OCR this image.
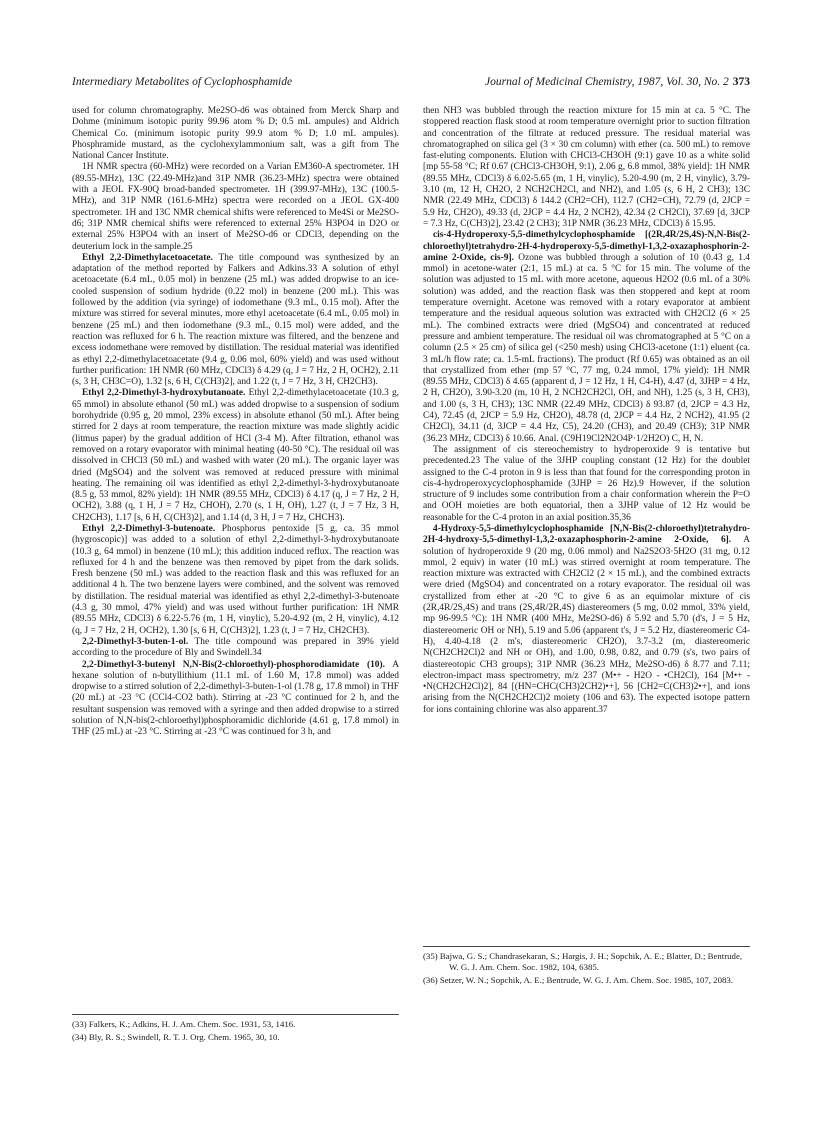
Intermediary Metabolites of Cyclophosphamide	Journal of Medicinal Chemistry, 1987, Vol. 30, No. 2 373

used for column chromatography. Me2SO-d6 was obtained from Merck Sharp and Dohme (minimum isotopic purity 99.96 atom % D; 0.5 mL ampules) and Aldrich Chemical Co. (minimum isotopic purity 99.9 atom % D; 1.0 mL ampules). Phosphramide mustard, as the cyclohexylammonium salt, was a gift from The National Cancer Institute.

1H NMR spectra (60-MHz) were recorded on a Varian EM360-A spectrometer. 1H (89.55-MHz), 13C (22.49-MHz)and 31P NMR (36.23-MHz) spectra were obtained with a JEOL FX-90Q broad-banded spectrometer. 1H (399.97-MHz), 13C (100.5-MHz), and 31P NMR (161.6-MHz) spectra were recorded on a JEOL GX-400 spectrometer. 1H and 13C NMR chemical shifts were referenced to Me4Si or Me2SO-d6; 31P NMR chemical shifts were referenced to external 25% H3PO4 in D2O or external 25% H3PO4 with an insert of Me2SO-d6 or CDCl3, depending on the deuterium lock in the sample.25

Ethyl 2,2-Dimethylacetoacetate. The title compound was synthesized by an adaptation of the method reported by Falkers and Adkins.33 A solution of ethyl acetoacetate (6.4 mL, 0.05 mol) in benzene (25 mL) was added dropwise to an ice-cooled suspension of sodium hydride (0.22 mol) in benzene (200 mL). This was followed by the addition (via syringe) of iodomethane (9.3 mL, 0.15 mol). After the mixture was stirred for several minutes, more ethyl acetoacetate (6.4 mL, 0.05 mol) in benzene (25 mL) and then iodomethane (9.3 mL, 0.15 mol) were added, and the reaction was refluxed for 6 h. The reaction mixture was filtered, and the benzene and excess iodomethane were removed by distillation. The residual material was identified as ethyl 2,2-dimethylacetoacetate (9.4 g, 0.06 mol, 60% yield) and was used without further purification: 1H NMR (60 MHz, CDCl3) δ 4.29 (q, J = 7 Hz, 2 H, OCH2), 2.11 (s, 3 H, CH3C=O), 1.32 [s, 6 H, C(CH3)2], and 1.22 (t, J = 7 Hz, 3 H, CH2CH3).

Ethyl 2,2-Dimethyl-3-hydroxybutanoate. Ethyl 2,2-dimethylacetoacetate (10.3 g, 65 mmol) in absolute ethanol (50 mL) was added dropwise to a suspension of sodium borohydride (0.95 g, 20 mmol, 23% excess) in absolute ethanol (50 mL). After being stirred for 2 days at room temperature, the reaction mixture was made slightly acidic (litmus paper) by the gradual addition of HCl (3-4 M). After filtration, ethanol was removed on a rotary evaporator with minimal heating (40-50 °C). The residual oil was dissolved in CHCl3 (50 mL) and washed with water (20 mL). The organic layer was dried (MgSO4) and the solvent was removed at reduced pressure with minimal heating. The remaining oil was identified as ethyl 2,2-dimethyl-3-hydroxybutanoate (8.5 g, 53 mmol, 82% yield): 1H NMR (89.55 MHz, CDCl3) δ 4.17 (q, J = 7 Hz, 2 H, OCH2), 3.88 (q, 1 H, J = 7 Hz, CHOH), 2.70 (s, 1 H, OH), 1.27 (t, J = 7 Hz, 3 H, CH2CH3), 1.17 [s, 6 H, C(CH3)2], and 1.14 (d, 3 H, J = 7 Hz, CHCH3).

Ethyl 2,2-Dimethyl-3-butenoate. Phosphorus pentoxide [5 g, ca. 35 mmol (hygroscopic)] was added to a solution of ethyl 2,2-dimethyl-3-hydroxybutanoate (10.3 g, 64 mmol) in benzene (10 mL); this addition induced reflux. The reaction was refluxed for 4 h and the benzene was then removed by pipet from the dark solids. Fresh benzene (50 mL) was added to the reaction flask and this was refluxed for an additional 4 h. The two benzene layers were combined, and the solvent was removed by distillation. The residual material was identified as ethyl 2,2-dimethyl-3-butenoate (4.3 g, 30 mmol, 47% yield) and was used without further purification: 1H NMR (89.55 MHz, CDCl3) δ 6.22-5.76 (m, 1 H, vinylic), 5.20-4.92 (m, 2 H, vinylic), 4.12 (q, J = 7 Hz, 2 H, OCH2), 1.30 [s, 6 H, C(CH3)2], 1.23 (t, J = 7 Hz, CH2CH3).

2,2-Dimethyl-3-buten-1-ol. The title compound was prepared in 39% yield according to the procedure of Bly and Swindell.34

2,2-Dimethyl-3-butenyl N,N-Bis(2-chloroethyl)-phosphorodiamidate (10). A hexane solution of n-butyllithium (11.1 mL of 1.60 M, 17.8 mmol) was added dropwise to a stirred solution of 2,2-dimethyl-3-buten-1-ol (1.78 g, 17.8 mmol) in THF (20 mL) at -23 °C (CCl4-CO2 bath). Stirring at -23 °C continued for 2 h, and the resultant suspension was removed with a syringe and then added dropwise to a stirred solution of N,N-bis(2-chloroethyl)phosphoramidic dichloride (4.61 g, 17.8 mmol) in THF (25 mL) at -23 °C. Stirring at -23 °C was continued for 3 h, and

then NH3 was bubbled through the reaction mixture for 15 min at ca. 5 °C. The stoppered reaction flask stood at room temperature overnight prior to suction filtration and concentration of the filtrate at reduced pressure. The residual material was chromatographed on silica gel (3 × 30 cm column) with ether (ca. 500 mL) to remove fast-eluting components. Elution with CHCl3-CH3OH (9:1) gave 10 as a white solid [mp 55-58 °C; Rf 0.67 (CHCl3-CH3OH, 9:1), 2.06 g, 6.8 mmol, 38% yield]: 1H NMR (89.55 MHz, CDCl3) δ 6.02-5.65 (m, 1 H, vinylic), 5.20-4.90 (m, 2 H, vinylic), 3.79-3.10 (m, 12 H, CH2O, 2 NCH2CH2Cl, and NH2), and 1.05 (s, 6 H, 2 CH3); 13C NMR (22.49 MHz, CDCl3) δ 144.2 (CH2=CH), 112.7 (CH2=CH), 72.79 (d, 2JCP = 5.9 Hz, CH2O), 49.33 (d, 2JCP = 4.4 Hz, 2 NCH2), 42.34 (2 CH2Cl), 37.69 [d, 3JCP = 7.3 Hz, C(CH3)2], 23.42 (2 CH3); 31P NMR (36.23 MHz, CDCl3) δ 15.95.

cis-4-Hydroperoxy-5,5-dimethylcyclophosphamide [(2R,4R/2S,4S)-N,N-Bis(2-chloroethyl)tetrahydro-2H-4-hydroperoxy-5,5-dimethyl-1,3,2-oxazaphosphorin-2-amine 2-Oxide, cis-9]. Ozone was bubbled through a solution of 10 (0.43 g, 1.4 mmol) in acetone-water (2:1, 15 mL) at ca. 5 °C for 15 min. The volume of the solution was adjusted to 15 mL with more acetone, aqueous H2O2 (0.6 mL of a 30% solution) was added, and the reaction flask was then stoppered and kept at room temperature overnight. Acetone was removed with a rotary evaporator at ambient temperature and the residual aqueous solution was extracted with CH2Cl2 (6 × 25 mL). The combined extracts were dried (MgSO4) and concentrated at reduced pressure and ambient temperature. The residual oil was chromatographed at 5 °C on a column (2.5 × 25 cm) of silica gel (<250 mesh) using CHCl3-acetone (1:1) eluent (ca. 3 mL/h flow rate; ca. 1.5-mL fractions). The product (Rf 0.65) was obtained as an oil that crystallized from ether (mp 57 °C, 77 mg, 0.24 mmol, 17% yield): 1H NMR (89.55 MHz, CDCl3) δ 4.65 (apparent d, J = 12 Hz, 1 H, C4-H), 4.47 (d, 3JHP = 4 Hz, 2 H, CH2O), 3.90-3.20 (m, 10 H, 2 NCH2CH2Cl, OH, and NH), 1.25 (s, 3 H, CH3), and 1.00 (s, 3 H, CH3); 13C NMR (22.49 MHz, CDCl3) δ 93.87 (d, 2JCP = 4.3 Hz, C4), 72.45 (d, 2JCP = 5.9 Hz, CH2O), 48.78 (d, 2JCP = 4.4 Hz, 2 NCH2), 41.95 (2 CH2Cl), 34.11 (d, 3JCP = 4.4 Hz, C5), 24.20 (CH3), and 20.49 (CH3); 31P NMR (36.23 MHz, CDCl3) δ 10.66. Anal. (C9H19Cl2N2O4P·1/2H2O) C, H, N.

The assignment of cis stereochemistry to hydroperoxide 9 is tentative but precedented.23 The value of the 3JHP coupling constant (12 Hz) for the doublet assigned to the C-4 proton in 9 is less than that found for the corresponding proton in cis-4-hydroperoxycyclophosphamide (3JHP = 26 Hz).9 However, if the solution structure of 9 includes some contribution from a chair conformation wherein the P=O and OOH moieties are both equatorial, then a 3JHP value of 12 Hz would be reasonable for the C-4 proton in an axial position.35,36

4-Hydroxy-5,5-dimethylcyclophosphamide [N,N-Bis(2-chloroethyl)tetrahydro-2H-4-hydroxy-5,5-dimethyl-1,3,2-oxazaphosphorin-2-amine 2-Oxide, 6]. A solution of hydroperoxide 9 (20 mg, 0.06 mmol) and Na2S2O3·5H2O (31 mg, 0.12 mmol, 2 equiv) in water (10 mL) was stirred overnight at room temperature. The reaction mixture was extracted with CH2Cl2 (2 × 15 mL), and the combined extracts were dried (MgSO4) and concentrated on a rotary evaporator. The residual oil was crystallized from ether at -20 °C to give 6 as an equimolar mixture of cis (2R,4R/2S,4S) and trans (2S,4R/2R,4S) diastereomers (5 mg, 0.02 mmol, 33% yield, mp 96-99.5 °C): 1H NMR (400 MHz, Me2SO-d6) δ 5.92 and 5.70 (d's, J = 5 Hz, diastereomeric OH or NH), 5.19 and 5.06 (apparent t's, J = 5.2 Hz, diastereomeric C4-H), 4.40-4.18 (2 m's, diastereomeric CH2O), 3.7-3.2 (m, diastereomeric N(CH2CH2Cl)2 and NH or OH), and 1.00, 0.98, 0.82, and 0.79 (s's, two pairs of diastereotopic CH3 groups); 31P NMR (36.23 MHz, Me2SO-d6) δ 8.77 and 7.11; electron-impact mass spectrometry, m/z 237 (M•+ - H2O - •CH2Cl), 164 [M•+ - •N(CH2CH2Cl)2], 84 [(HN=CHC(CH3)2CH2)•+], 56 [CH2=C(CH3)2•+], and ions arising from the N(CH2CH2Cl)2 moiety (106 and 63). The expected isotope pattern for ions containing chlorine was also apparent.37

(33) Falkers, K.; Adkins, H. J. Am. Chem. Soc. 1931, 53, 1416.

(34) Bly, R. S.; Swindell, R. T. J. Org. Chem. 1965, 30, 10.

(35) Bajwa, G. S.; Chandrasekaran, S.; Hargis, J. H.; Sopchik, A. E.; Blatter, D.; Bentrude, W. G. J. Am. Chem. Soc. 1982, 104, 6385.

(36) Setzer, W. N.; Sopchik, A. E.; Bentrude, W. G. J. Am. Chem. Soc. 1985, 107, 2083.
